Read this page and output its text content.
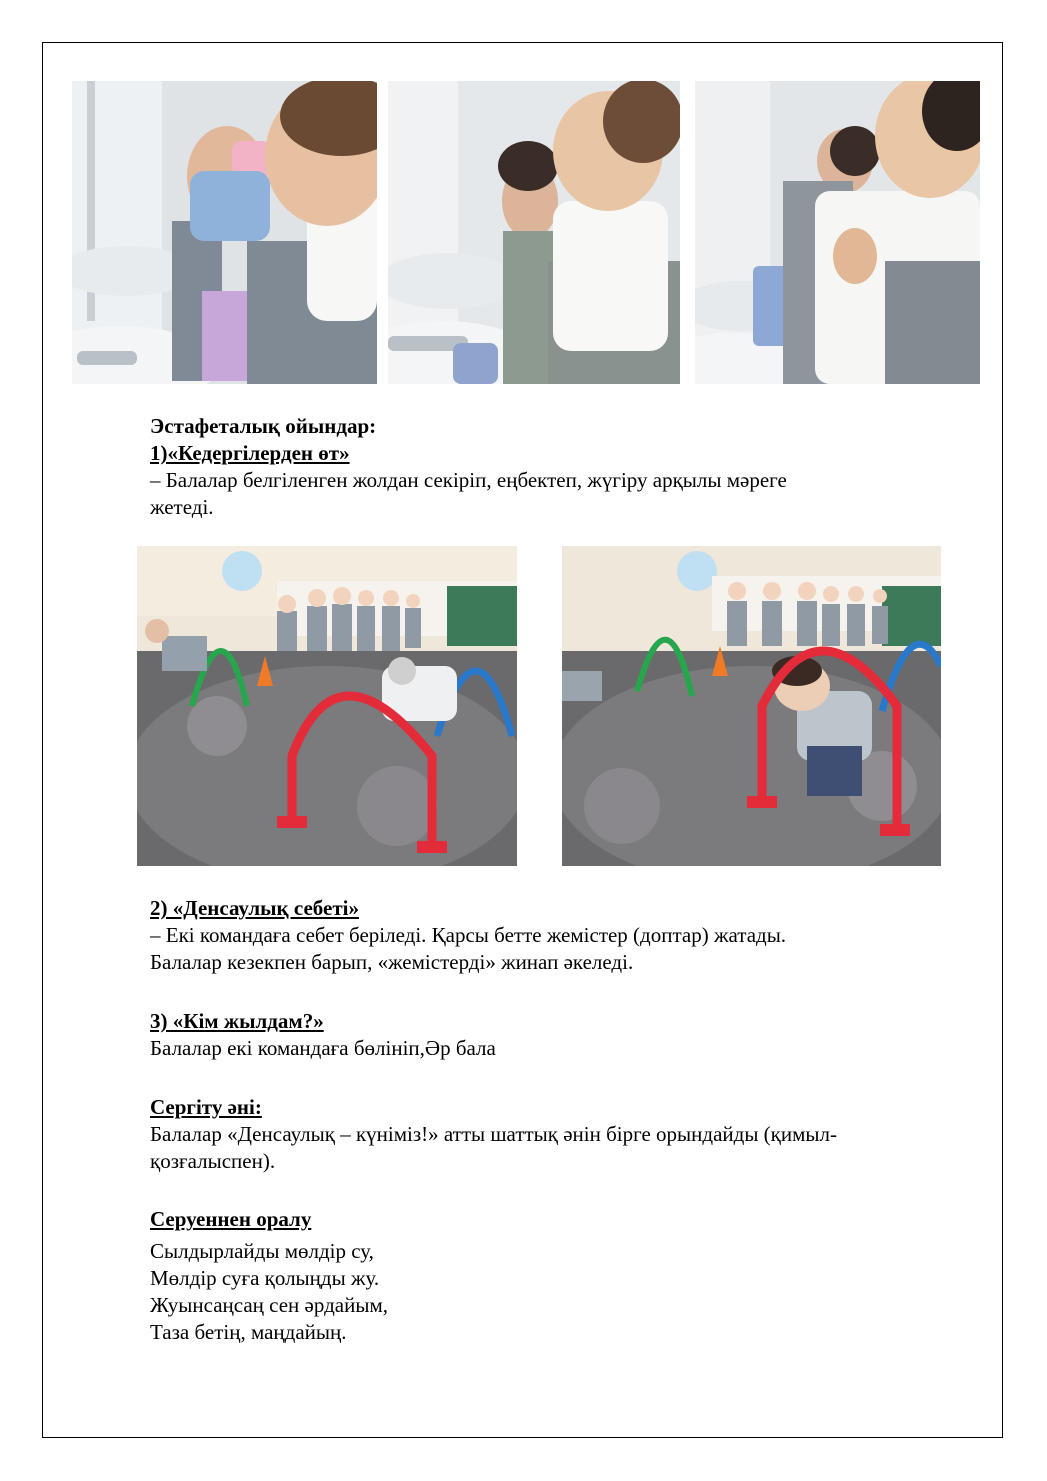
Эстафеталық ойындар:
1)«Кедергілерден өт»
– Балалар белгіленген жолдан секіріп, еңбектеп, жүгіру арқылы мәреге
жетеді.
2) «Денсаулық себеті»
– Екі командаға себет беріледі. Қарсы бетте жемістер (доптар) жатады.
Балалар кезекпен барып, «жемістерді» жинап әкеледі.
3) «Кім жылдам?»
Балалар екі командаға бөлініп,Әр бала
Сергіту әні:
Балалар «Денсаулық – күніміз!» атты шаттық әнін бірге орындайды (қимыл-
қозғалыспен).
Серуеннен оралу
Сылдырлайды мөлдір су,
Мөлдір суға қолыңды жу.
Жуынсаңсаң сен әрдайым,
Таза бетің, маңдайың.
